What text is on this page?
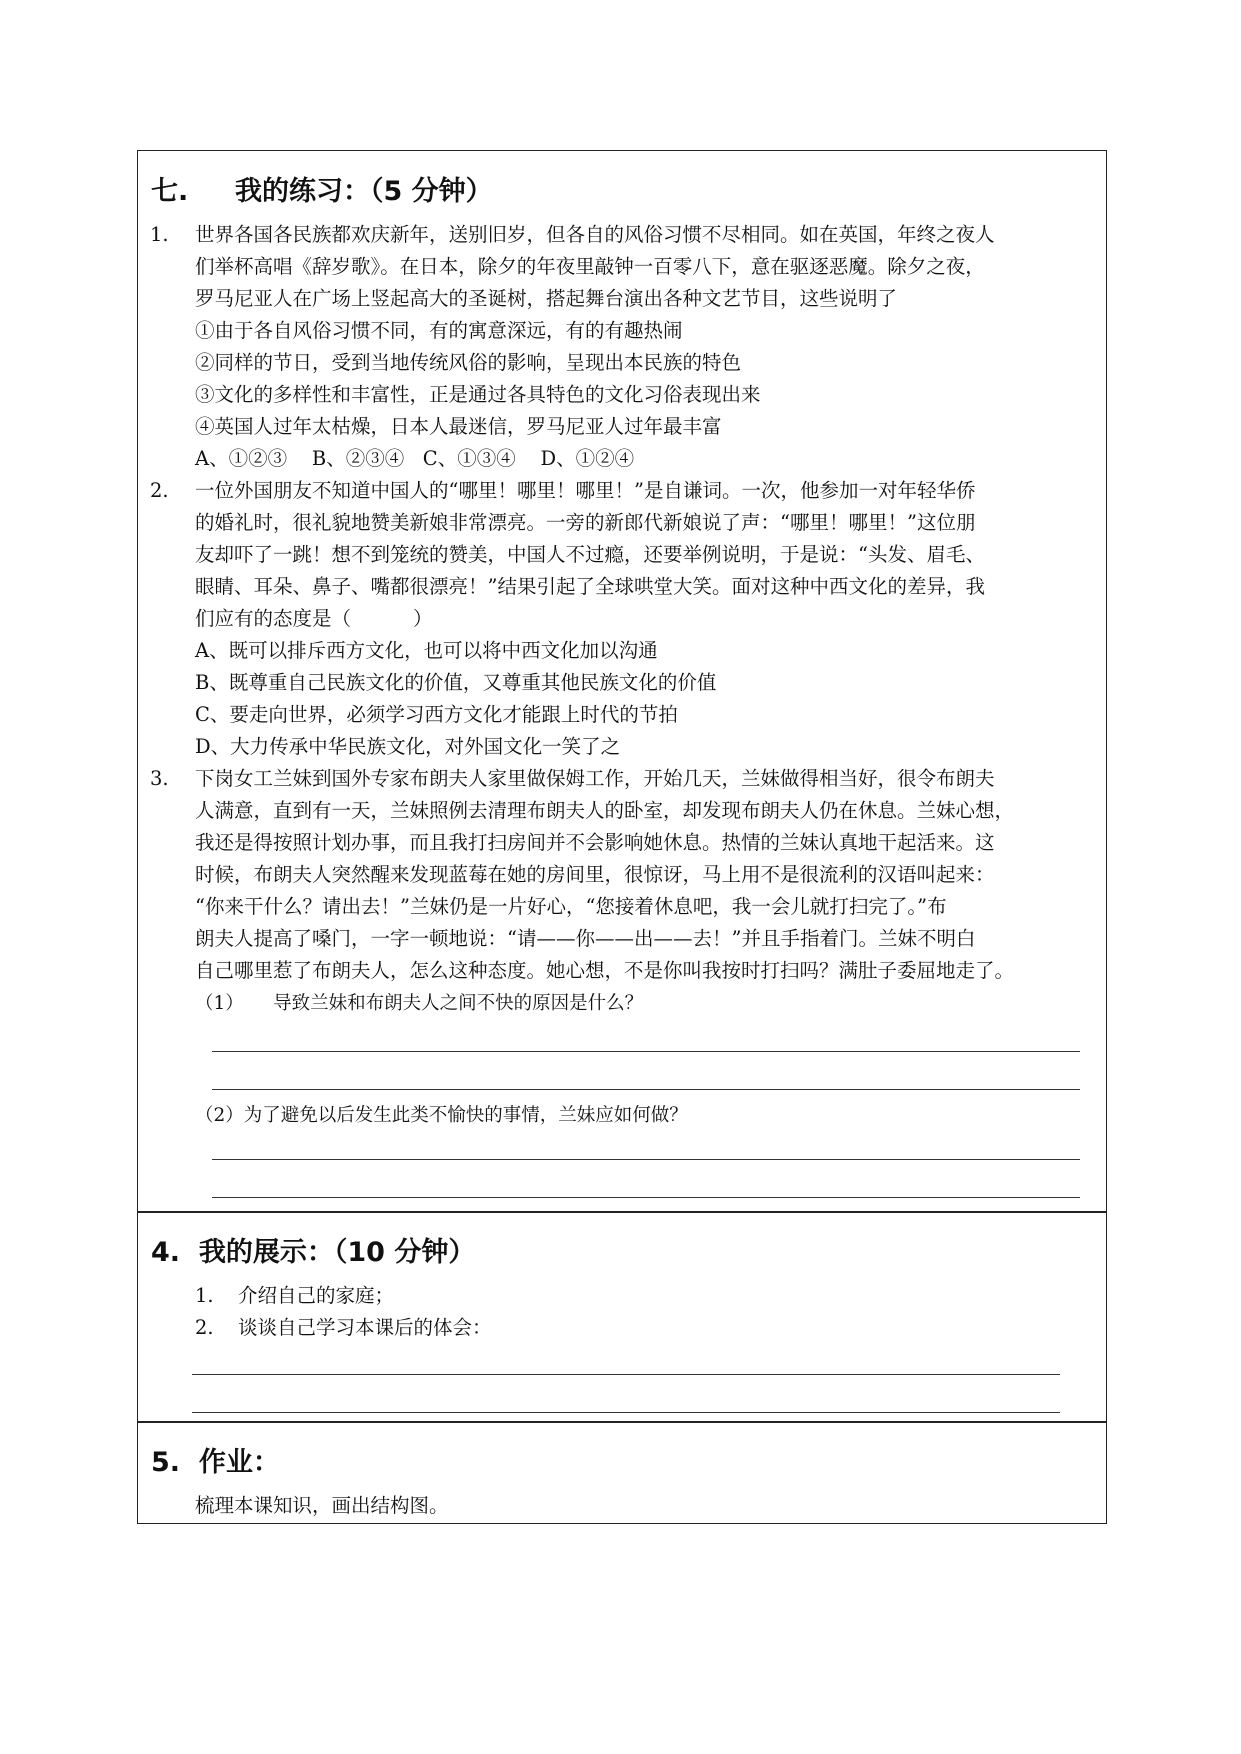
七. 我的练习：（5 分钟）
1. 世界各国各民族都欢庆新年，送别旧岁，但各自的风俗习惯不尽相同。如在英国，年终之夜人
们举杯高唱《辞岁歌》。在日本，除夕的年夜里敲钟一百零八下，意在驱逐恶魔。除夕之夜，
罗马尼亚人在广场上竖起高大的圣诞树，搭起舞台演出各种文艺节目，这些说明了
①由于各自风俗习惯不同，有的寓意深远，有的有趣热闹
②同样的节日，受到当地传统风俗的影响，呈现出本民族的特色
③文化的多样性和丰富性，正是通过各具特色的文化习俗表现出来
④英国人过年太枯燥，日本人最迷信，罗马尼亚人过年最丰富
A、①②③    B、②③④   C、①③④    D、①②④
2. 一位外国朋友不知道中国人的“哪里！哪里！哪里！”是自谦词。一次，他参加一对年轻华侨
的婚礼时，很礼貌地赞美新娘非常漂亮。一旁的新郎代新娘说了声：“哪里！哪里！”这位朋
友却吓了一跳！想不到笼统的赞美，中国人不过瘾，还要举例说明，于是说：“头发、眉毛、
眼睛、耳朵、鼻子、嘴都很漂亮！”结果引起了全球哄堂大笑。面对这种中西文化的差异，我
们应有的态度是（          ）
A、既可以排斥西方文化，也可以将中西文化加以沟通
B、既尊重自己民族文化的价值，又尊重其他民族文化的价值
C、要走向世界，必须学习西方文化才能跟上时代的节拍
D、大力传承中华民族文化，对外国文化一笑了之
3. 下岗女工兰妹到国外专家布朗夫人家里做保姆工作，开始几天，兰妹做得相当好，很令布朗夫
人满意，直到有一天，兰妹照例去清理布朗夫人的卧室，却发现布朗夫人仍在休息。兰妹心想，
我还是得按照计划办事，而且我打扫房间并不会影响她休息。热情的兰妹认真地干起活来。这
时候，布朗夫人突然醒来发现蓝莓在她的房间里，很惊讶，马上用不是很流利的汉语叫起来：
“你来干什么？请出去！”兰妹仍是一片好心，“您接着休息吧，我一会儿就打扫完了。”布
朗夫人提高了嗓门，一字一顿地说：“请——你——出——去！”并且手指着门。兰妹不明白
自己哪里惹了布朗夫人，怎么这种态度。她心想，不是你叫我按时打扫吗？满肚子委屈地走了。
（1）     导致兰妹和布朗夫人之间不快的原因是什么？
（2）为了避免以后发生此类不愉快的事情，兰妹应如何做？
4.  我的展示：（10 分钟）
1. 介绍自己的家庭；
2. 谈谈自己学习本课后的体会：
5.  作业：
梳理本课知识，画出结构图。
